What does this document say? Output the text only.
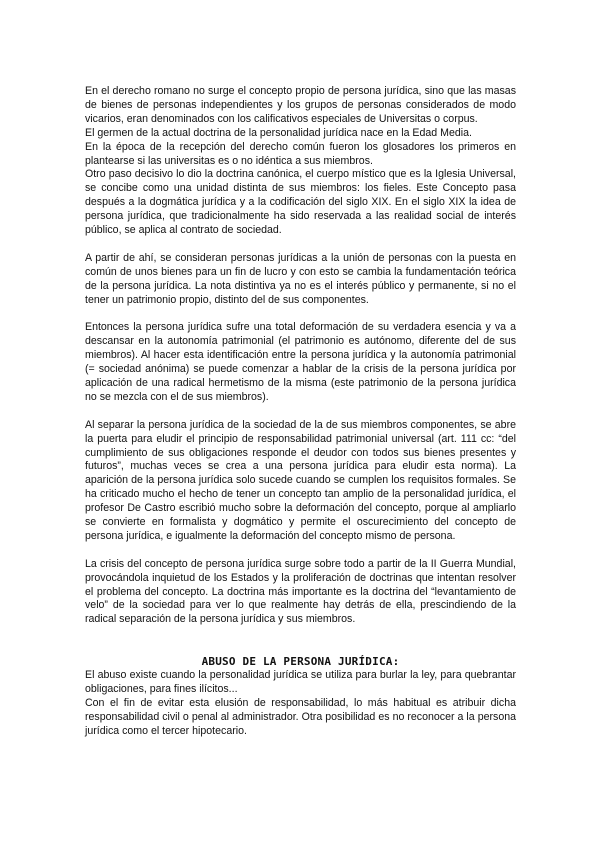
En el derecho romano no surge el concepto propio de persona jurídica, sino que las masas de bienes de personas independientes y los grupos de personas considerados de modo vicarios, eran denominados con los calificativos especiales de Universitas o corpus.

El germen de la actual doctrina de la personalidad jurídica nace en la Edad Media.

En la época de la recepción del derecho común fueron los glosadores los primeros en plantearse si las universitas es o no idéntica a sus miembros.

Otro paso decisivo lo dio la doctrina canónica, el cuerpo místico que es la Iglesia Universal, se concibe como una unidad distinta de sus miembros: los fieles. Este Concepto pasa después a la dogmática jurídica y a la codificación del siglo XIX. En el siglo XIX la idea de persona jurídica, que tradicionalmente ha sido reservada a las realidad social de interés público, se aplica al contrato de sociedad.

A partir de ahí, se consideran personas jurídicas a la unión de personas con la puesta en común de unos bienes para un fin de lucro y con esto se cambia la fundamentación teórica de la persona jurídica. La nota distintiva ya no es el interés público y permanente, si no el tener un patrimonio propio, distinto del de sus componentes.

Entonces la persona jurídica sufre una total deformación de su verdadera esencia y va a descansar en la autonomía patrimonial (el patrimonio es autónomo, diferente del de sus miembros). Al hacer esta identificación entre la persona jurídica y la autonomía patrimonial (= sociedad anónima) se puede comenzar a hablar de la crisis de la persona jurídica por aplicación de una radical hermetismo de la misma (este patrimonio de la persona jurídica no se mezcla con el de sus miembros).

Al separar la persona jurídica de la sociedad de la de sus miembros componentes, se abre la puerta para eludir el principio de responsabilidad patrimonial universal (art. 111 cc: “del cumplimiento de sus obligaciones responde el deudor con todos sus bienes presentes y futuros”, muchas veces se crea a una persona jurídica para eludir esta norma). La aparición de la persona jurídica solo sucede cuando se cumplen los requisitos formales. Se ha criticado mucho el hecho de tener un concepto tan amplio de la personalidad jurídica, el profesor De Castro escribió mucho sobre la deformación del concepto, porque al ampliarlo se convierte en formalista y dogmático y permite el oscurecimiento del concepto de persona jurídica, e igualmente la deformación del concepto mismo de persona.

La crisis del concepto de persona jurídica surge sobre todo a partir de la II Guerra Mundial, provocándola inquietud de los Estados y la proliferación de doctrinas que intentan resolver el problema del concepto. La doctrina más importante es la doctrina del “levantamiento de velo” de la sociedad para ver lo que realmente hay detrás de ella, prescindiendo de la radical separación de la persona jurídica y sus miembros.

ABUSO DE LA PERSONA JURÍDICA:

El abuso existe cuando la personalidad jurídica se utiliza para burlar la ley, para quebrantar obligaciones, para fines ilícitos...

Con el fin de evitar esta elusión de responsabilidad, lo más habitual es atribuir dicha responsabilidad civil o penal al administrador. Otra posibilidad es no reconocer a la persona jurídica como el tercer hipotecario.
